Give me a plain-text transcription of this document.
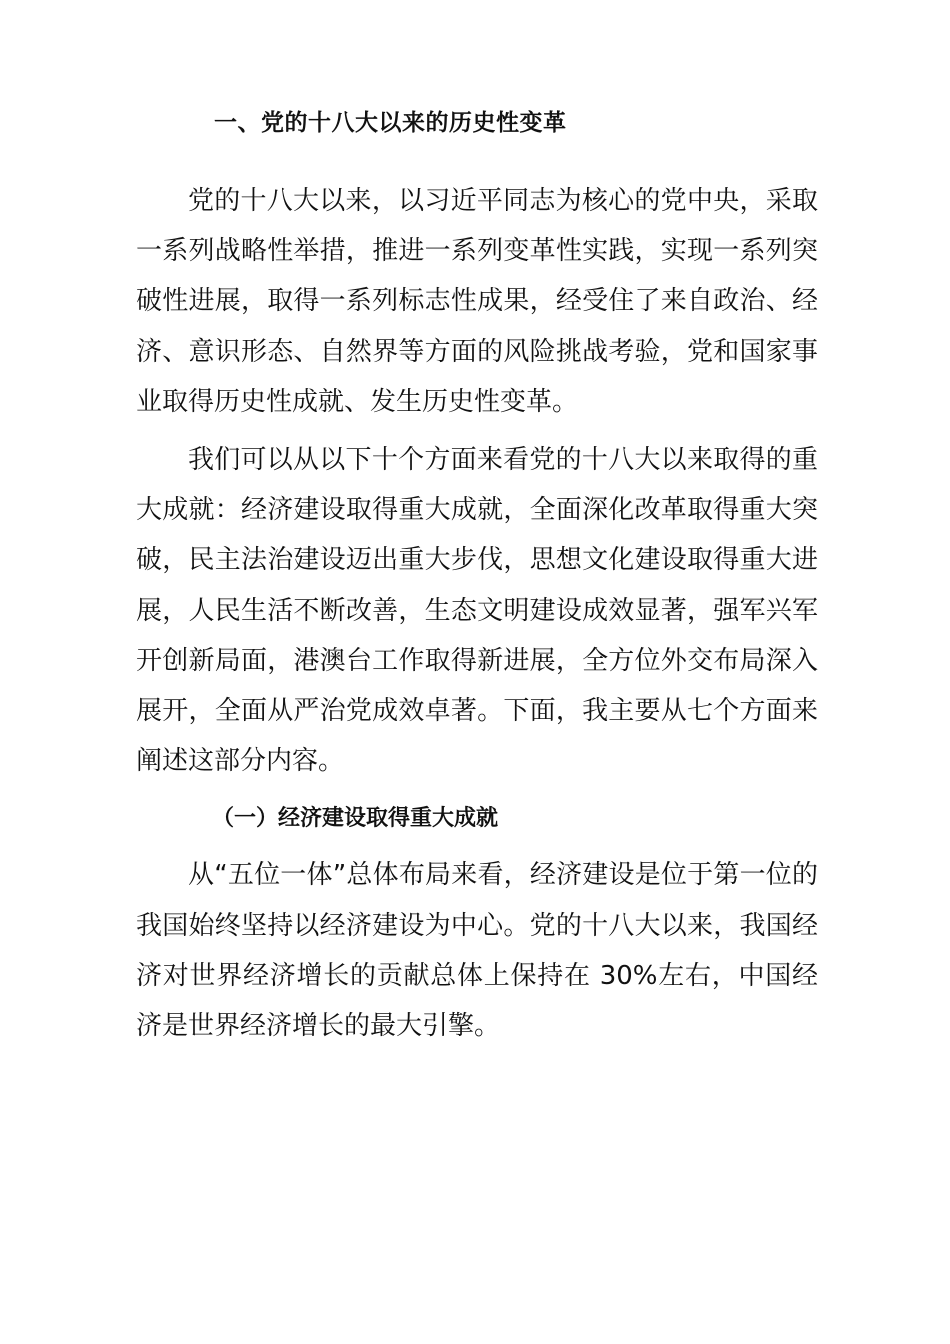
一、党的十八大以来的历史性变革

党的十八大以来，以习近平同志为核心的党中央，采取一系列战略性举措，推进一系列变革性实践，实现一系列突破性进展，取得一系列标志性成果，经受住了来自政治、经济、意识形态、自然界等方面的风险挑战考验，党和国家事业取得历史性成就、发生历史性变革。

我们可以从以下十个方面来看党的十八大以来取得的重大成就：经济建设取得重大成就，全面深化改革取得重大突破，民主法治建设迈出重大步伐，思想文化建设取得重大进展，人民生活不断改善，生态文明建设成效显著，强军兴军开创新局面，港澳台工作取得新进展，全方位外交布局深入展开，全面从严治党成效卓著。下面，我主要从七个方面来阐述这部分内容。

（一）经济建设取得重大成就

从“五位一体”总体布局来看，经济建设是位于第一位的我国始终坚持以经济建设为中心。党的十八大以来，我国经济对世界经济增长的贡献总体上保持在 30%左右，中国经济是世界经济增长的最大引擎。
